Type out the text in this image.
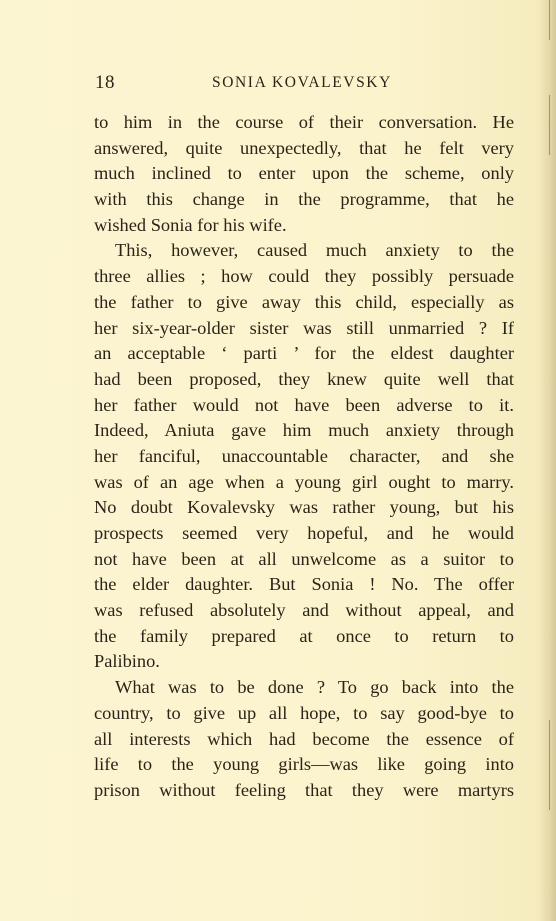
18	SONIA KOVALEVSKY
to him in the course of their conversation. He
answered, quite unexpectedly, that he felt very
much inclined to enter upon the scheme, only
with this change in the programme, that he
wished Sonia for his wife.
This, however, caused much anxiety to the
three allies ; how could they possibly persuade
the father to give away this child, especially as
her six-year-older sister was still unmarried ? If
an acceptable ‘ parti ’ for the eldest daughter
had been proposed, they knew quite well that
her father would not have been adverse to it.
Indeed, Aniuta gave him much anxiety through
her fanciful, unaccountable character, and she
was of an age when a young girl ought to marry.
No doubt Kovalevsky was rather young, but his
prospects seemed very hopeful, and he would
not have been at all unwelcome as a suitor to
the elder daughter. But Sonia ! No. The offer
was refused absolutely and without appeal, and
the family prepared at once to return to
Palibino.
What was to be done ? To go back into the
country, to give up all hope, to say good-bye to
all interests which had become the essence of
life to the young girls—was like going into
prison without feeling that they were martyrs
